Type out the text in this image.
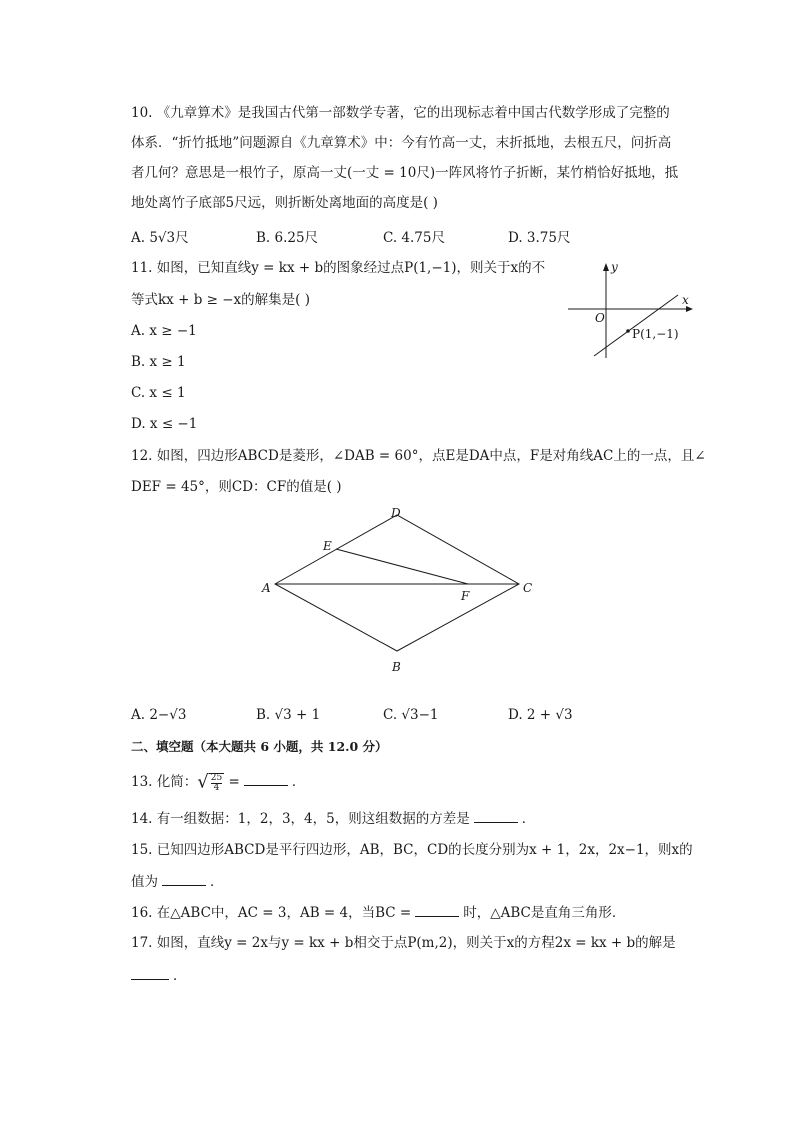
10. 《九章算术》是我国古代第一部数学专著，它的出现标志着中国古代数学形成了完整的
体系．“折竹抵地”问题源自《九章算术》中：今有竹高一丈，末折抵地，去根五尺，问折高
者几何？意思是一根竹子，原高一丈(一丈 = 10尺)一阵风将竹子折断，某竹梢恰好抵地，抵
地处离竹子底部5尺远，则折断处离地面的高度是( )
A. 5√3尺	B. 6.25尺	C. 4.75尺	D. 3.75尺
11. 如图，已知直线y = kx + b的图象经过点P(1,−1)，则关于x的不
等式kx + b ≥ −x的解集是( )
A. x ≥ −1
B. x ≥ 1
C. x ≤ 1
D. x ≤ −1
x
y
O
P(1,−1)
12. 如图，四边形ABCD是菱形，∠DAB = 60°，点E是DA中点，F是对角线AC上的一点，且∠
DEF = 45°，则CD：CF的值是( )
A
B
C
D
E
F
A. 2−√3	B. √3 + 1	C. √3−1	D. 2 + √3
二、填空题（本大题共 6 小题，共 12.0 分）
13. 化简：√ $\frac{25}{4}$ =	．
14. 有一组数据：1，2，3，4，5，则这组数据的方差是	．
15. 已知四边形ABCD是平行四边形，AB，BC，CD的长度分别为x + 1，2x，2x−1，则x的
值为	．
16. 在△ABC中，AC = 3，AB = 4，当BC =	时，△ABC是直角三角形．
17. 如图，直线y = 2x与y = kx + b相交于点P(m,2)，则关于x的方程2x = kx + b的解是
．
